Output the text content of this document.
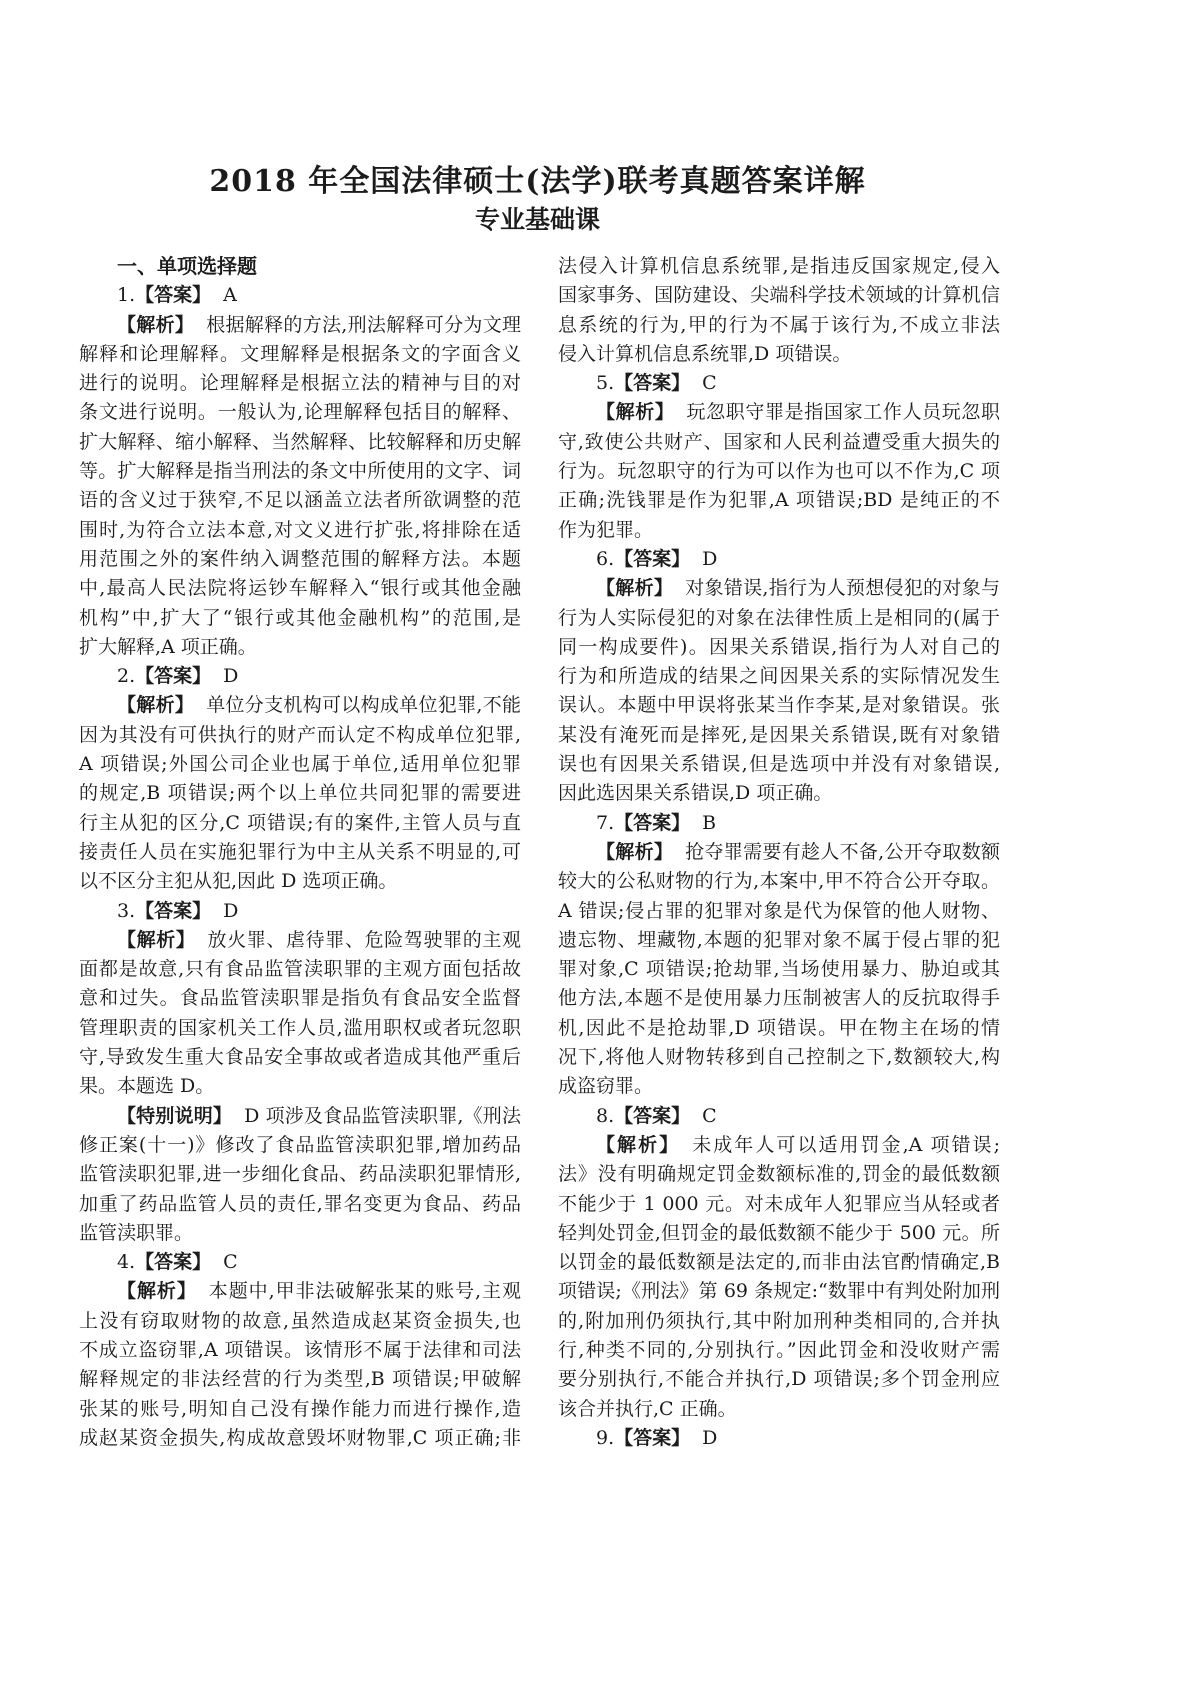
2018 年全国法律硕士(法学)联考真题答案详解
专业基础课
一、单项选择题
1.【答案】 A
【解析】 根据解释的方法,刑法解释可分为文理
解释和论理解释。文理解释是根据条文的字面含义
进行的说明。论理解释是根据立法的精神与目的对
条文进行说明。一般认为,论理解释包括目的解释、
扩大解释、缩小解释、当然解释、比较解释和历史解
等。扩大解释是指当刑法的条文中所使用的文字、词
语的含义过于狭窄,不足以涵盖立法者所欲调整的范
围时,为符合立法本意,对文义进行扩张,将排除在适
用范围之外的案件纳入调整范围的解释方法。本题
中,最高人民法院将运钞车解释入“银行或其他金融
机构”中,扩大了“银行或其他金融机构”的范围,是
扩大解释,A 项正确。
2.【答案】 D
【解析】 单位分支机构可以构成单位犯罪,不能
因为其没有可供执行的财产而认定不构成单位犯罪,
A 项错误;外国公司企业也属于单位,适用单位犯罪
的规定,B 项错误;两个以上单位共同犯罪的需要进
行主从犯的区分,C 项错误;有的案件,主管人员与直
接责任人员在实施犯罪行为中主从关系不明显的,可
以不区分主犯从犯,因此 D 选项正确。
3.【答案】 D
【解析】 放火罪、虐待罪、危险驾驶罪的主观
面都是故意,只有食品监管渎职罪的主观方面包括故
意和过失。食品监管渎职罪是指负有食品安全监督
管理职责的国家机关工作人员,滥用职权或者玩忽职
守,导致发生重大食品安全事故或者造成其他严重后
果。本题选 D。
【特别说明】 D 项涉及食品监管渎职罪,《刑法
修正案(十一)》修改了食品监管渎职犯罪,增加药品
监管渎职犯罪,进一步细化食品、药品渎职犯罪情形,
加重了药品监管人员的责任,罪名变更为食品、药品
监管渎职罪。
4.【答案】 C
【解析】 本题中,甲非法破解张某的账号,主观
上没有窃取财物的故意,虽然造成赵某资金损失,也
不成立盗窃罪,A 项错误。该情形不属于法律和司法
解释规定的非法经营的行为类型,B 项错误;甲破解
张某的账号,明知自己没有操作能力而进行操作,造
成赵某资金损失,构成故意毁坏财物罪,C 项正确;非
法侵入计算机信息系统罪,是指违反国家规定,侵入
国家事务、国防建设、尖端科学技术领域的计算机信
息系统的行为,甲的行为不属于该行为,不成立非法
侵入计算机信息系统罪,D 项错误。
5.【答案】 C
【解析】 玩忽职守罪是指国家工作人员玩忽职
守,致使公共财产、国家和人民利益遭受重大损失的
行为。玩忽职守的行为可以作为也可以不作为,C 项
正确;洗钱罪是作为犯罪,A 项错误;BD 是纯正的不
作为犯罪。
6.【答案】 D
【解析】 对象错误,指行为人预想侵犯的对象与
行为人实际侵犯的对象在法律性质上是相同的(属于
同一构成要件)。因果关系错误,指行为人对自己的
行为和所造成的结果之间因果关系的实际情况发生
误认。本题中甲误将张某当作李某,是对象错误。张
某没有淹死而是摔死,是因果关系错误,既有对象错
误也有因果关系错误,但是选项中并没有对象错误,
因此选因果关系错误,D 项正确。
7.【答案】 B
【解析】 抢夺罪需要有趁人不备,公开夺取数额
较大的公私财物的行为,本案中,甲不符合公开夺取。
A 错误;侵占罪的犯罪对象是代为保管的他人财物、
遗忘物、埋藏物,本题的犯罪对象不属于侵占罪的犯
罪对象,C 项错误;抢劫罪,当场使用暴力、胁迫或其
他方法,本题不是使用暴力压制被害人的反抗取得手
机,因此不是抢劫罪,D 项错误。甲在物主在场的情
况下,将他人财物转移到自己控制之下,数额较大,构
成盗窃罪。
8.【答案】 C
【解析】 未成年人可以适用罚金,A 项错误;
法》没有明确规定罚金数额标准的,罚金的最低数额
不能少于 1 000 元。对未成年人犯罪应当从轻或者
轻判处罚金,但罚金的最低数额不能少于 500 元。所
以罚金的最低数额是法定的,而非由法官酌情确定,B
项错误;《刑法》第 69 条规定:“数罪中有判处附加刑
的,附加刑仍须执行,其中附加刑种类相同的,合并执
行,种类不同的,分别执行。”因此罚金和没收财产需
要分别执行,不能合并执行,D 项错误;多个罚金刑应
该合并执行,C 正确。
9.【答案】 D
